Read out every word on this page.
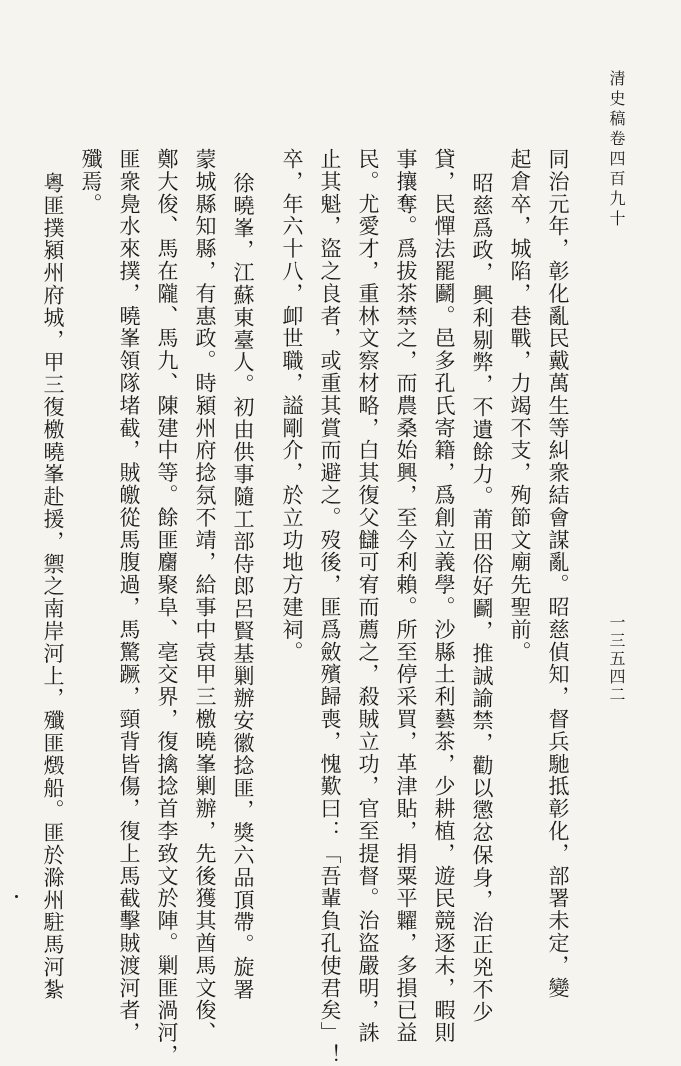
清史稿卷四百九十
一三五四二
同治元年，彰化亂民戴萬生等糾衆結會謀亂。昭慈偵知，督兵馳抵彰化，部署未定，變
起倉卒，城陷，巷戰，力竭不支，殉節文廟先聖前。
昭慈爲政，興利剔弊，不遺餘力。莆田俗好鬬，推誠諭禁，勸以懲忿保身，治正兇不少
貸，民憚法罷鬬。邑多孔氏寄籍，爲創立義學。沙縣土利藝茶，少耕植，遊民競逐末，暇則
事攘奪。爲拔茶禁之，而農桑始興，至今利賴。所至停采買，革津貼，捐粟平糶，多損已益
民。尤愛才，重林文察材略，白其復父讎可宥而薦之，殺賊立功，官至提督。治盜嚴明，誅
止其魁，盜之良者，或重其賞而避之。歿後，匪爲斂殯歸喪，愧歎曰：「吾輩負孔使君矣」！
卒，年六十八，卹世職，謚剛介，於立功地方建祠。
徐曉峯，江蘇東臺人。初由供事隨工部侍郎呂賢基剿辦安徽捻匪，獎六品頂帶。旋署
蒙城縣知縣，有惠政。時潁州府捻氛不靖，給事中袁甲三檄曉峯剿辦，先後獲其酋馬文俊、
鄭大俊、馬在隴、馬九、陳建中等。餘匪麕聚阜、亳交界，復擒捻首李致文於陣。剿匪渦河，
匪衆鳧水來撲，曉峯領隊堵截，賊皦從馬腹過，馬驚蹶，頸背皆傷，復上馬截擊賊渡河者，
殲焉。
粵匪撲潁州府城，甲三復檄曉峯赴援，禦之南岸河上，殲匪燬船。匪於滁州駐馬河紮
